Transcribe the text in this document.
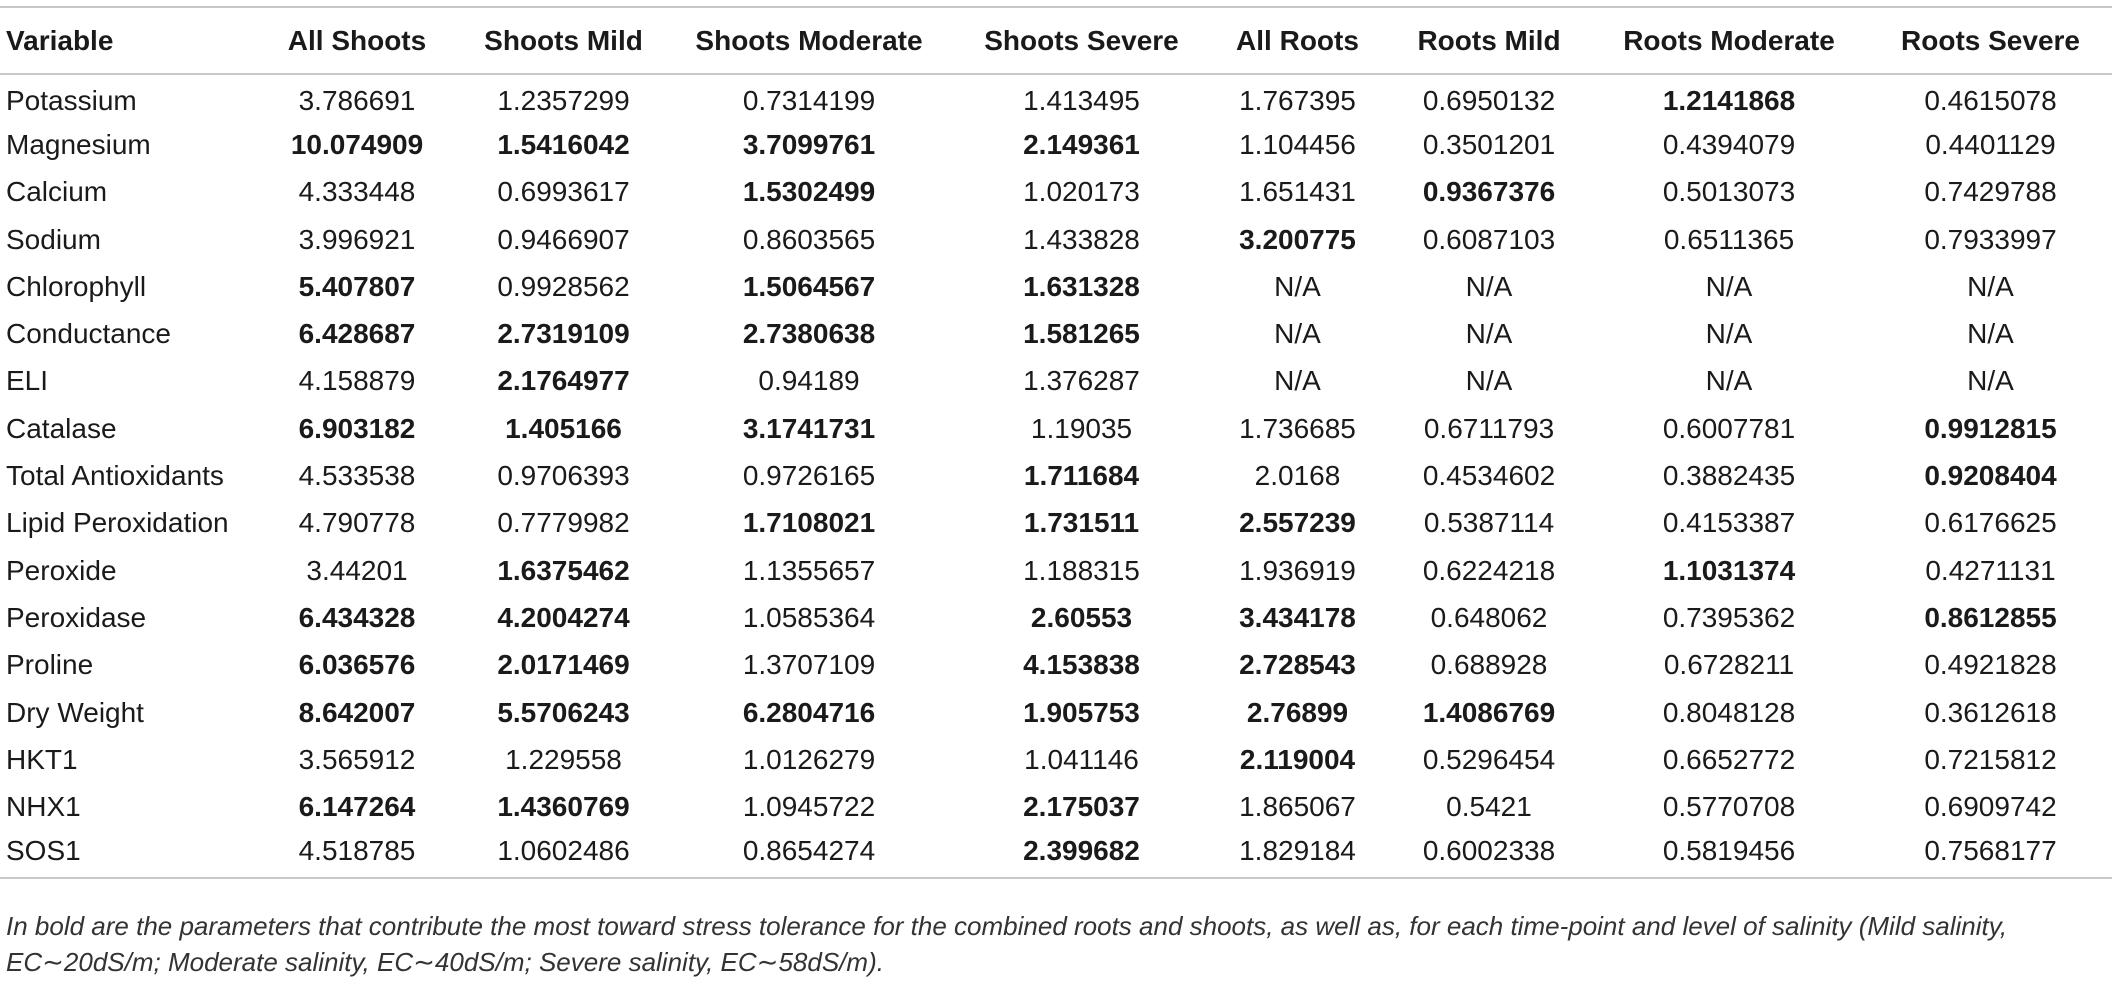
Variable	All Shoots	Shoots Mild	Shoots Moderate	Shoots Severe	All Roots	Roots Mild	Roots Moderate	Roots Severe
Potassium	3.786691	1.2357299	0.7314199	1.413495	1.767395	0.6950132	1.2141868	0.4615078
Magnesium	10.074909	1.5416042	3.7099761	2.149361	1.104456	0.3501201	0.4394079	0.4401129
Calcium	4.333448	0.6993617	1.5302499	1.020173	1.651431	0.9367376	0.5013073	0.7429788
Sodium	3.996921	0.9466907	0.8603565	1.433828	3.200775	0.6087103	0.6511365	0.7933997
Chlorophyll	5.407807	0.9928562	1.5064567	1.631328	N/A	N/A	N/A	N/A
Conductance	6.428687	2.7319109	2.7380638	1.581265	N/A	N/A	N/A	N/A
ELI	4.158879	2.1764977	0.94189	1.376287	N/A	N/A	N/A	N/A
Catalase	6.903182	1.405166	3.1741731	1.19035	1.736685	0.6711793	0.6007781	0.9912815
Total Antioxidants	4.533538	0.9706393	0.9726165	1.711684	2.0168	0.4534602	0.3882435	0.9208404
Lipid Peroxidation	4.790778	0.7779982	1.7108021	1.731511	2.557239	0.5387114	0.4153387	0.6176625
Peroxide	3.44201	1.6375462	1.1355657	1.188315	1.936919	0.6224218	1.1031374	0.4271131
Peroxidase	6.434328	4.2004274	1.0585364	2.60553	3.434178	0.648062	0.7395362	0.8612855
Proline	6.036576	2.0171469	1.3707109	4.153838	2.728543	0.688928	0.6728211	0.4921828
Dry Weight	8.642007	5.5706243	6.2804716	1.905753	2.76899	1.4086769	0.8048128	0.3612618
HKT1	3.565912	1.229558	1.0126279	1.041146	2.119004	0.5296454	0.6652772	0.7215812
NHX1	6.147264	1.4360769	1.0945722	2.175037	1.865067	0.5421	0.5770708	0.6909742
SOS1	4.518785	1.0602486	0.8654274	2.399682	1.829184	0.6002338	0.5819456	0.7568177
In bold are the parameters that contribute the most toward stress tolerance for the combined roots and shoots, as well as, for each time-point and level of salinity (Mild salinity, EC∼20dS/m; Moderate salinity, EC∼40dS/m; Severe salinity, EC∼58dS/m).
